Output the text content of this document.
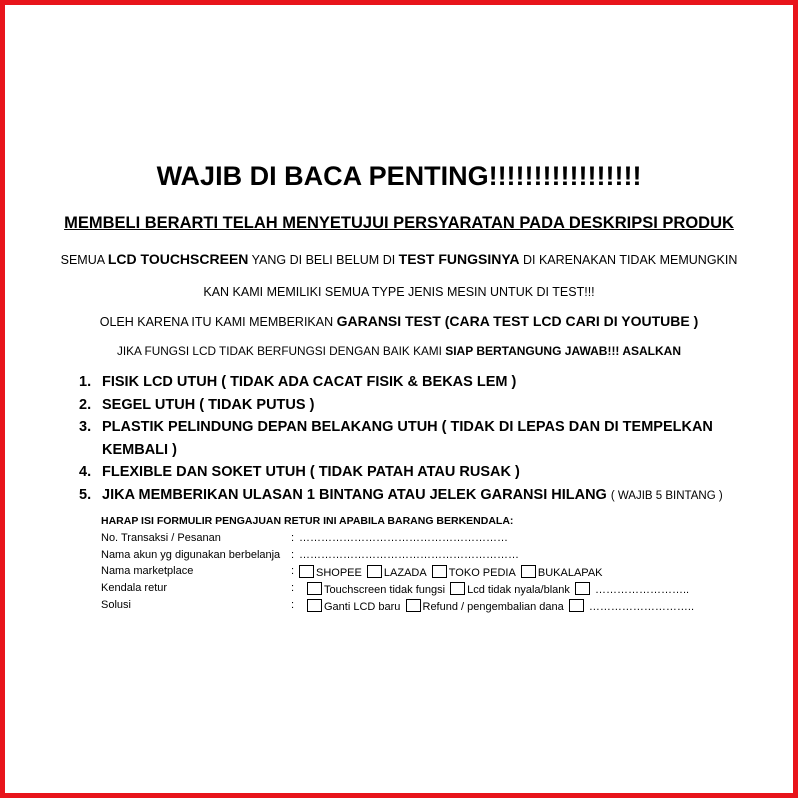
WAJIB DI BACA PENTING!!!!!!!!!!!!!!!!!
MEMBELI BERARTI TELAH MENYETUJUI PERSYARATAN PADA DESKRIPSI PRODUK
SEMUA LCD TOUCHSCREEN YANG DI BELI BELUM DI TEST FUNGSINYA DI KARENAKAN TIDAK MEMUNGKIN
KAN KAMI MEMILIKI SEMUA TYPE JENIS MESIN UNTUK DI TEST!!!
OLEH KARENA ITU KAMI MEMBERIKAN GARANSI TEST (CARA TEST LCD CARI DI YOUTUBE )
JIKA FUNGSI LCD TIDAK BERFUNGSI DENGAN BAIK KAMI SIAP BERTANGUNG JAWAB!!! ASALKAN
1. FISIK LCD UTUH ( TIDAK ADA CACAT FISIK & BEKAS LEM )
2. SEGEL UTUH ( TIDAK PUTUS )
3. PLASTIK PELINDUNG DEPAN BELAKANG UTUH ( TIDAK DI LEPAS DAN DI TEMPELKAN KEMBALI )
4. FLEXIBLE DAN SOKET UTUH ( TIDAK PATAH ATAU RUSAK )
5. JIKA MEMBERIKAN ULASAN 1 BINTANG ATAU JELEK GARANSI HILANG ( WAJIB 5 BINTANG )
HARAP ISI FORMULIR PENGAJUAN RETUR INI APABILA BARANG BERKENDALA:
No. Transaksi / Pesanan	: …………………………………………………
Nama akun yg digunakan berbelanja : ……………………………………………………
Nama marketplace	:	SHOPEE LAZADA TOKO PEDIA BUKALAPAK
Kendala retur	:	Touchscreen tidak fungsi Lcd tidak nyala/blank ……………………..
Solusi	:	Ganti LCD baru Refund / pengembalian dana ………………………..
